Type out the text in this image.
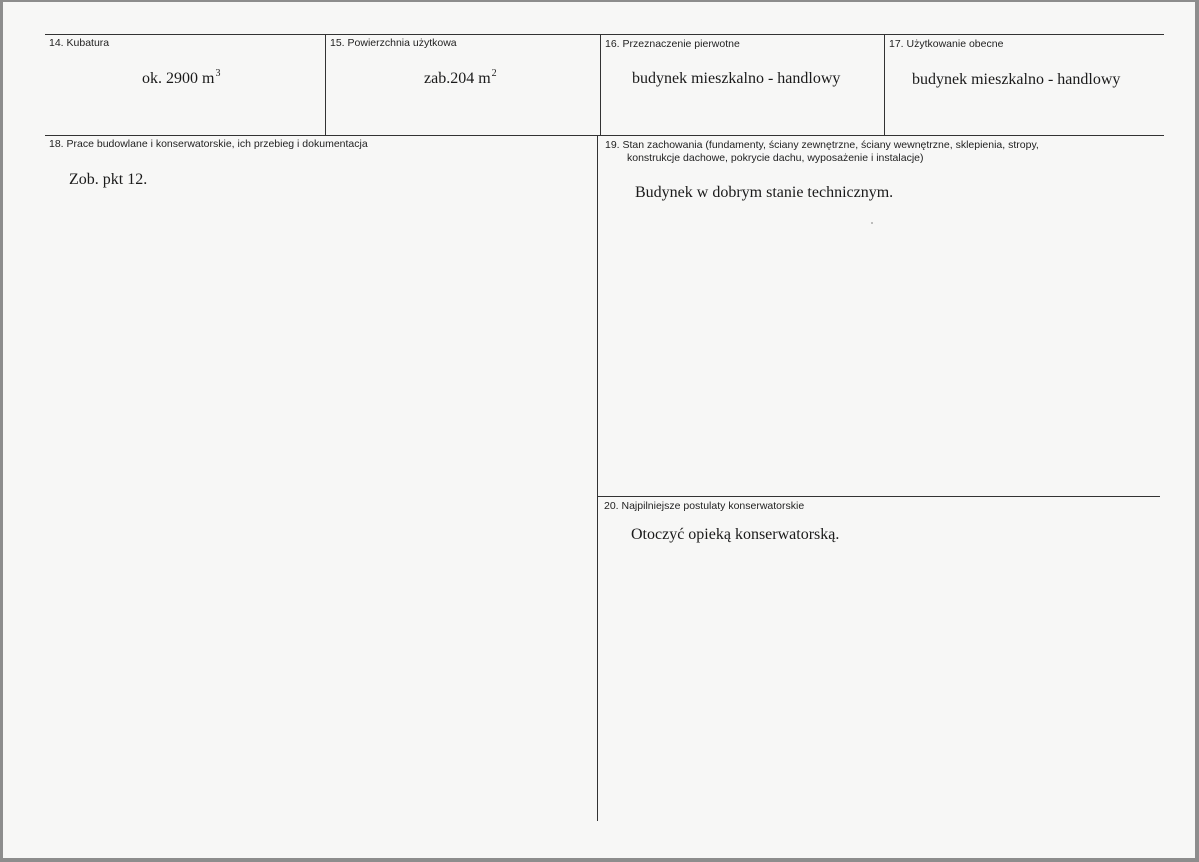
14. Kubatura
ok. 2900 $m^3$
15. Powierzchnia użytkowa
zab.204 $m^2$
16. Przeznaczenie pierwotne
budynek mieszkalno - handlowy
17. Użytkowanie obecne
budynek mieszkalno - handlowy
18. Prace budowlane i konserwatorskie, ich przebieg i dokumentacja
Zob. pkt 12.
19. Stan zachowania (fundamenty, ściany zewnętrzne, ściany wewnętrzne, sklepienia, stropy,
konstrukcje dachowe, pokrycie dachu, wyposażenie i instalacje)
Budynek w dobrym stanie technicznym.
20. Najpilniejsze postulaty konserwatorskie
Otoczyć opieką konserwatorską.
